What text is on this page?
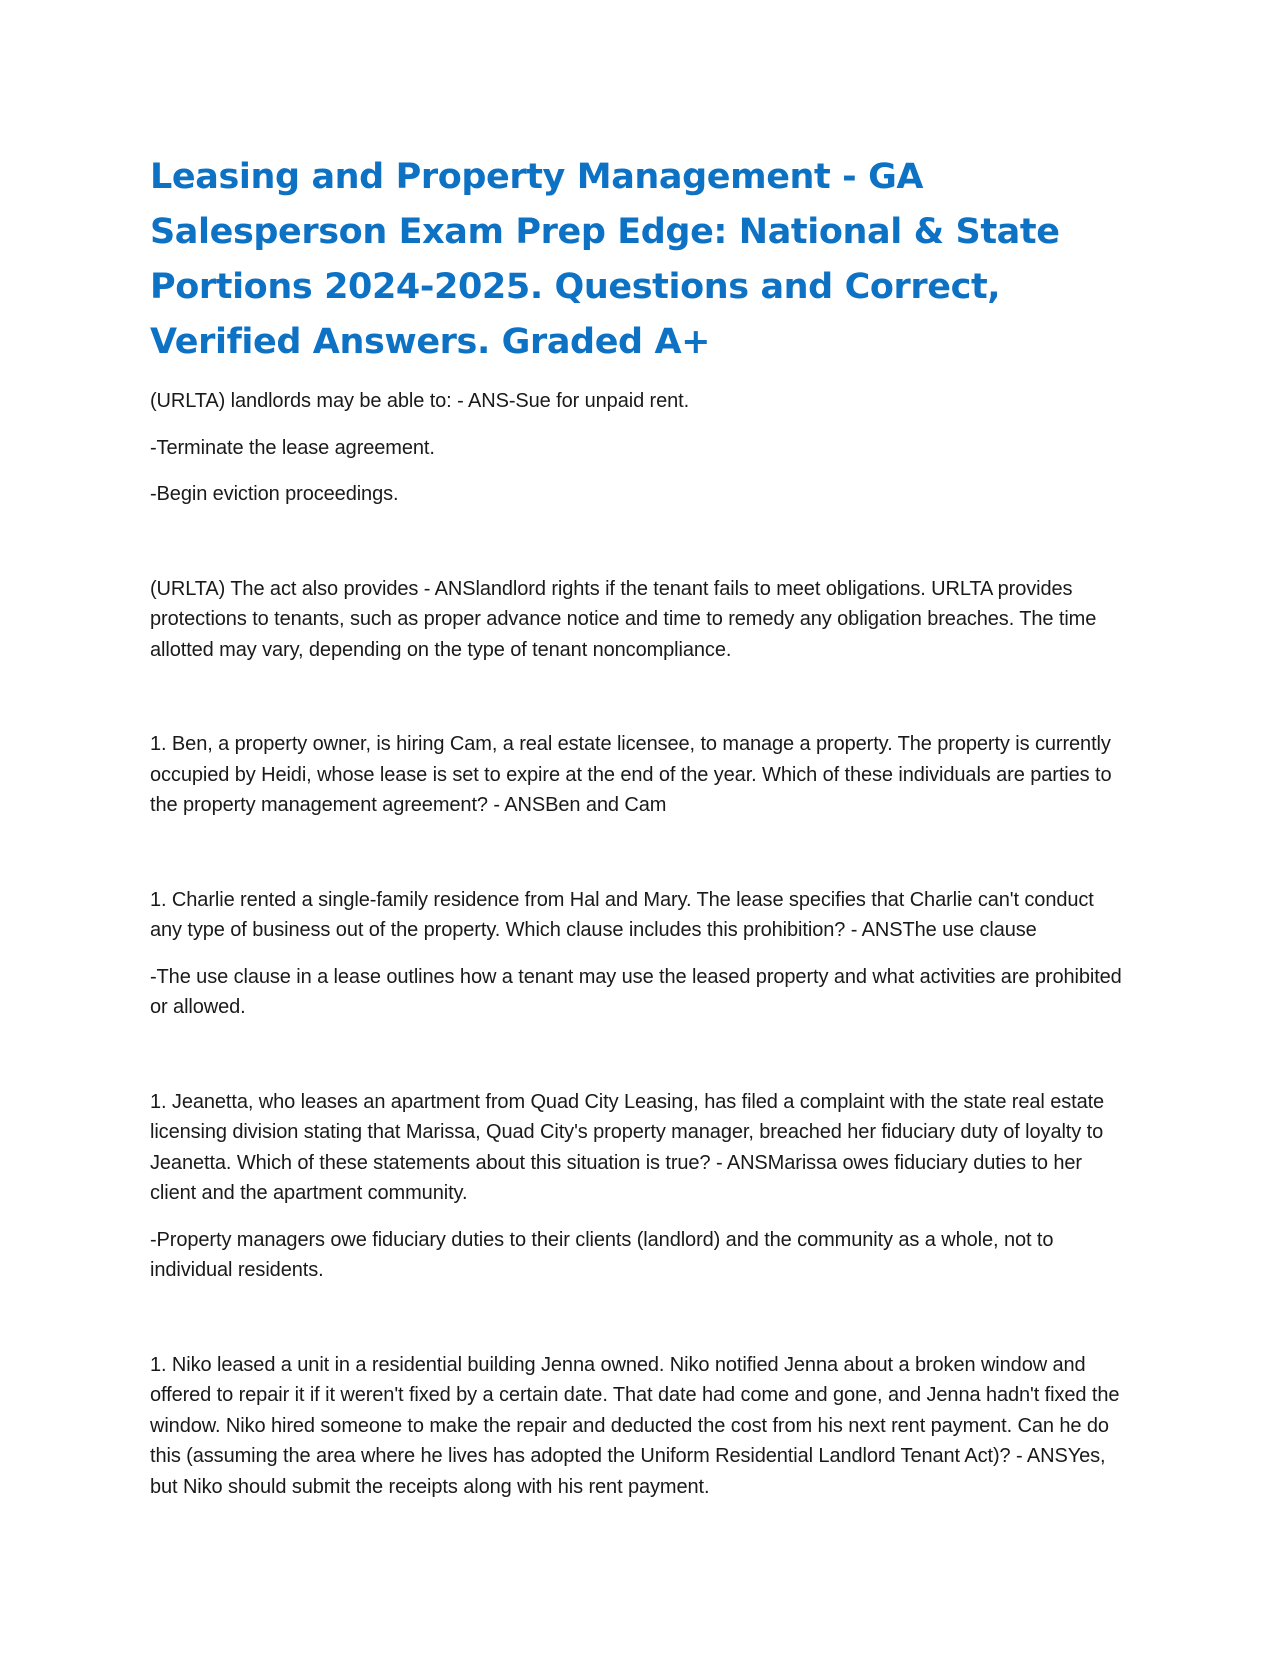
Leasing and Property Management - GA Salesperson Exam Prep Edge: National & State Portions 2024-2025. Questions and Correct, Verified Answers. Graded A+

(URLTA) landlords may be able to: - ANS-Sue for unpaid rent.

-Terminate the lease agreement.

-Begin eviction proceedings.

(URLTA) The act also provides - ANSlandlord rights if the tenant fails to meet obligations. URLTA provides protections to tenants, such as proper advance notice and time to remedy any obligation breaches. The time allotted may vary, depending on the type of tenant noncompliance.

1. Ben, a property owner, is hiring Cam, a real estate licensee, to manage a property. The property is currently occupied by Heidi, whose lease is set to expire at the end of the year. Which of these individuals are parties to the property management agreement? - ANSBen and Cam

1. Charlie rented a single-family residence from Hal and Mary. The lease specifies that Charlie can't conduct any type of business out of the property. Which clause includes this prohibition? - ANSThe use clause

-The use clause in a lease outlines how a tenant may use the leased property and what activities are prohibited or allowed.

1. Jeanetta, who leases an apartment from Quad City Leasing, has filed a complaint with the state real estate licensing division stating that Marissa, Quad City's property manager, breached her fiduciary duty of loyalty to Jeanetta. Which of these statements about this situation is true? - ANSMarissa owes fiduciary duties to her client and the apartment community.

-Property managers owe fiduciary duties to their clients (landlord) and the community as a whole, not to individual residents.

1. Niko leased a unit in a residential building Jenna owned. Niko notified Jenna about a broken window and offered to repair it if it weren't fixed by a certain date. That date had come and gone, and Jenna hadn't fixed the window. Niko hired someone to make the repair and deducted the cost from his next rent payment. Can he do this (assuming the area where he lives has adopted the Uniform Residential Landlord Tenant Act)? - ANSYes, but Niko should submit the receipts along with his rent payment.
